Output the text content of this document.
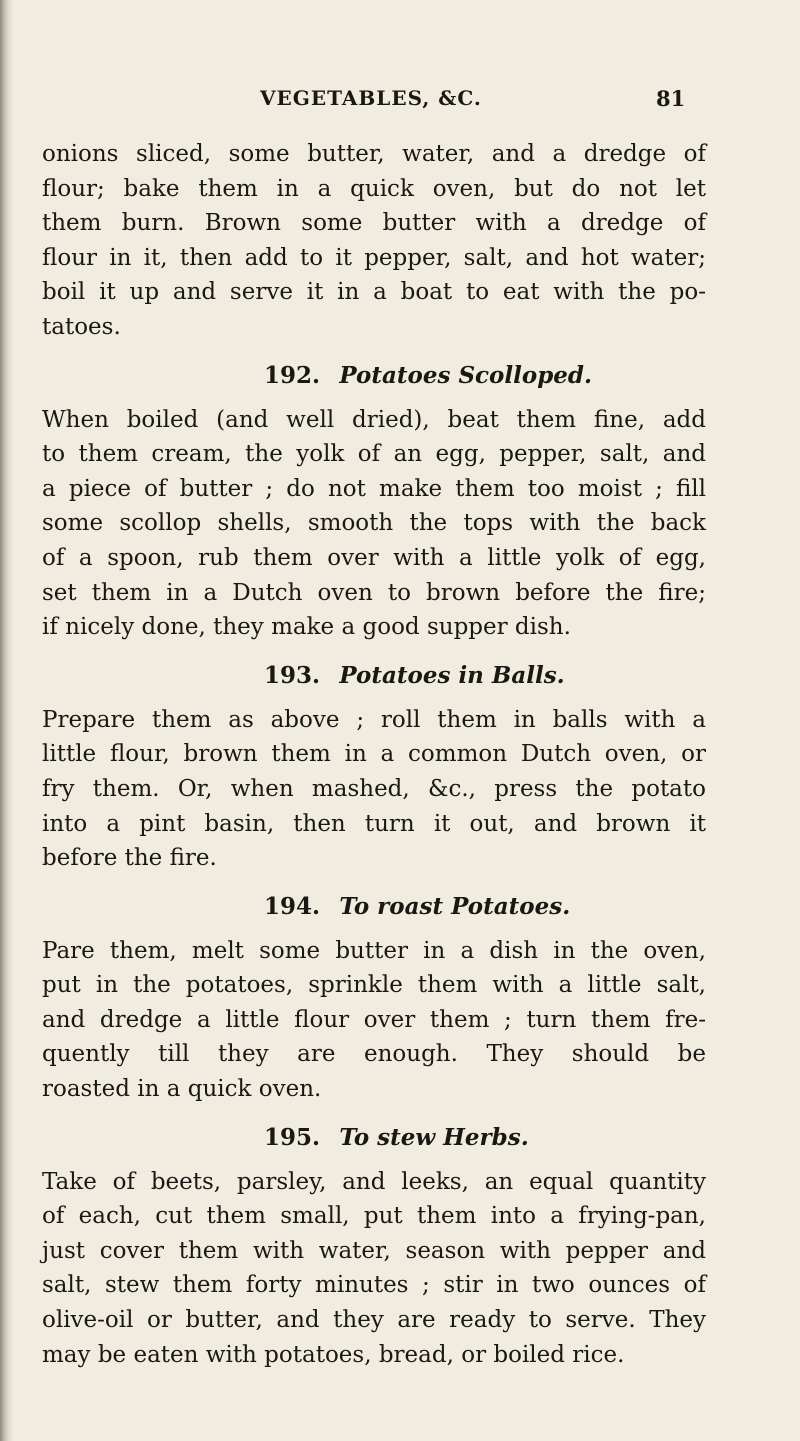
VEGETABLES, &C.	81
onions sliced, some butter, water, and a dredge of
flour; bake them in a quick oven, but do not let
them burn. Brown some butter with a dredge of
flour in it, then add to it pepper, salt, and hot water;
boil it up and serve it in a boat to eat with the po-
tatoes.
192. Potatoes Scolloped.
When boiled (and well dried), beat them fine, add
to them cream, the yolk of an egg, pepper, salt, and
a piece of butter ; do not make them too moist ; fill
some scollop shells, smooth the tops with the back
of a spoon, rub them over with a little yolk of egg,
set them in a Dutch oven to brown before the fire;
if nicely done, they make a good supper dish.
193. Potatoes in Balls.
Prepare them as above ; roll them in balls with a
little flour, brown them in a common Dutch oven, or
fry them. Or, when mashed, &c., press the potato
into a pint basin, then turn it out, and brown it
before the fire.
194. To roast Potatoes.
Pare them, melt some butter in a dish in the oven,
put in the potatoes, sprinkle them with a little salt,
and dredge a little flour over them ; turn them fre-
quently till they are enough. They should be
roasted in a quick oven.
195. To stew Herbs.
Take of beets, parsley, and leeks, an equal quantity
of each, cut them small, put them into a frying-pan,
just cover them with water, season with pepper and
salt, stew them forty minutes ; stir in two ounces of
olive-oil or butter, and they are ready to serve. They
may be eaten with potatoes, bread, or boiled rice.
